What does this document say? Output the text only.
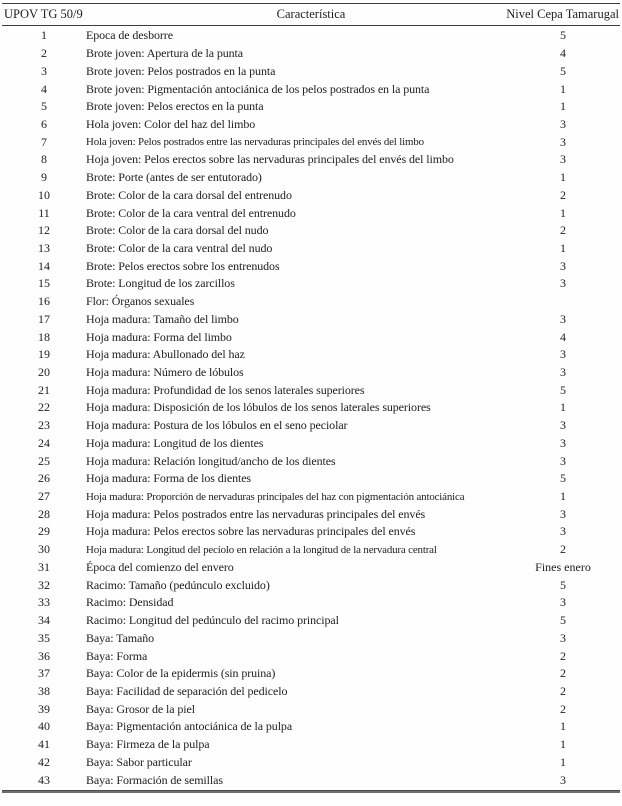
UPOV TG 50/9	Característica	Nivel Cepa Tamarugal
1	Epoca de desborre	5
2	Brote joven: Apertura de la punta	4
3	Brote joven: Pelos postrados en la punta	5
4	Brote joven: Pigmentación antociánica de los pelos postrados en la punta	1
5	Brote joven: Pelos erectos en la punta	1
6	Hola joven: Color del haz del limbo	3
7	Hola joven: Pelos postrados entre las nervaduras principales del envés del limbo	3
8	Hoja joven: Pelos erectos sobre las nervaduras principales del envés del limbo	3
9	Brote: Porte (antes de ser entutorado)	1
10	Brote: Color de la cara dorsal del entrenudo	2
11	Brote: Color de la cara ventral del entrenudo	1
12	Brote: Color de la cara dorsal del nudo	2
13	Brote: Color de la cara ventral del nudo	1
14	Brote: Pelos erectos sobre los entrenudos	3
15	Brote: Longitud de los zarcillos	3
16	Flor: Órganos sexuales
17	Hoja madura: Tamaño del limbo	3
18	Hoja madura: Forma del limbo	4
19	Hoja madura: Abullonado del haz	3
20	Hoja madura: Número de lóbulos	3
21	Hoja madura: Profundidad de los senos laterales superiores	5
22	Hoja madura: Disposición de los lóbulos de los senos laterales superiores	1
23	Hoja madura: Postura de los lóbulos en el seno peciolar	3
24	Hoja madura: Longitud de los dientes	3
25	Hoja madura: Relación longitud/ancho de los dientes	3
26	Hoja madura: Forma de los dientes	5
27	Hoja madura: Proporción de nervaduras principales del haz con pigmentación antociánica	1
28	Hoja madura: Pelos postrados entre las nervaduras principales del envés	3
29	Hoja madura: Pelos erectos sobre las nervaduras principales del envés	3
30	Hoja madura: Longitud del pecíolo en relación a la longitud de la nervadura central	2
31	Época del comienzo del envero	Fines enero
32	Racimo: Tamaño (pedúnculo excluido)	5
33	Racimo: Densidad	3
34	Racimo: Longitud del pedúnculo del racimo principal	5
35	Baya: Tamaño	3
36	Baya: Forma	2
37	Baya: Color de la epidermis (sin pruina)	2
38	Baya: Facilidad de separación del pedicelo	2
39	Baya: Grosor de la piel	2
40	Baya: Pigmentación antociánica de la pulpa	1
41	Baya: Firmeza de la pulpa	1
42	Baya: Sabor particular	1
43	Baya: Formación de semillas	3
